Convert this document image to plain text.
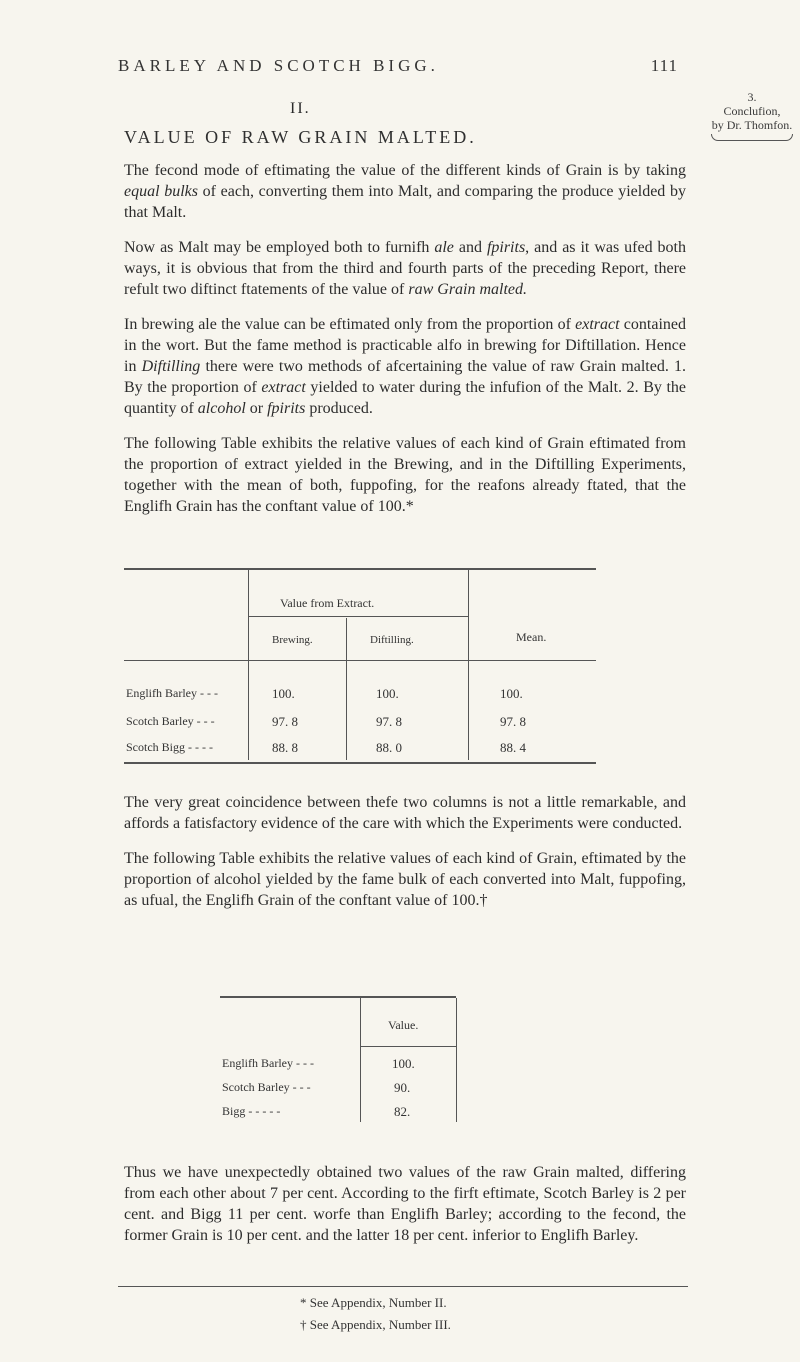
BARLEY AND SCOTCH BIGG.	111
3.
Conclufion,
by Dr. Thomfon.
II.
VALUE OF RAW GRAIN MALTED.

The fecond mode of eftimating the value of the different kinds of Grain is by taking equal bulks of each, converting them into Malt, and comparing the produce yielded by that Malt.

Now as Malt may be employed both to furnifh ale and fpirits, and as it was ufed both ways, it is obvious that from the third and fourth parts of the preceding Report, there refult two diftinct ftatements of the value of raw Grain malted.

In brewing ale the value can be eftimated only from the proportion of extract contained in the wort. But the fame method is practicable alfo in brewing for Diftillation. Hence in Diftilling there were two methods of afcertaining the value of raw Grain malted. 1. By the proportion of extract yielded to water during the infufion of the Malt. 2. By the quantity of alcohol or fpirits produced.

The following Table exhibits the relative values of each kind of Grain eftimated from the proportion of extract yielded in the Brewing, and in the Diftilling Experiments, together with the mean of both, fuppofing, for the reafons already ftated, that the Englifh Grain has the conftant value of 100.*

Value from Extract.
Mean.
Brewing.	Diftilling.
Englifh Barley - - -	100.	100.	100.
Scotch Barley - - -	97. 8	97. 8	97. 8
Scotch Bigg - - - -	88. 8	88. 0	88. 4

The very great coincidence between thefe two columns is not a little remarkable, and affords a fatisfactory evidence of the care with which the Experiments were conducted.

The following Table exhibits the relative values of each kind of Grain, eftimated by the proportion of alcohol yielded by the fame bulk of each converted into Malt, fuppofing, as ufual, the Englifh Grain of the conftant value of 100.†

Value.
Englifh Barley - - -	100.
Scotch Barley - - -	90.
Bigg - - - - -	82.

Thus we have unexpectedly obtained two values of the raw Grain malted, differing from each other about 7 per cent. According to the firft eftimate, Scotch Barley is 2 per cent. and Bigg 11 per cent. worfe than Englifh Barley; according to the fecond, the former Grain is 10 per cent. and the latter 18 per cent. inferior to Englifh Barley.

* See Appendix, Number II.
† See Appendix, Number III.
